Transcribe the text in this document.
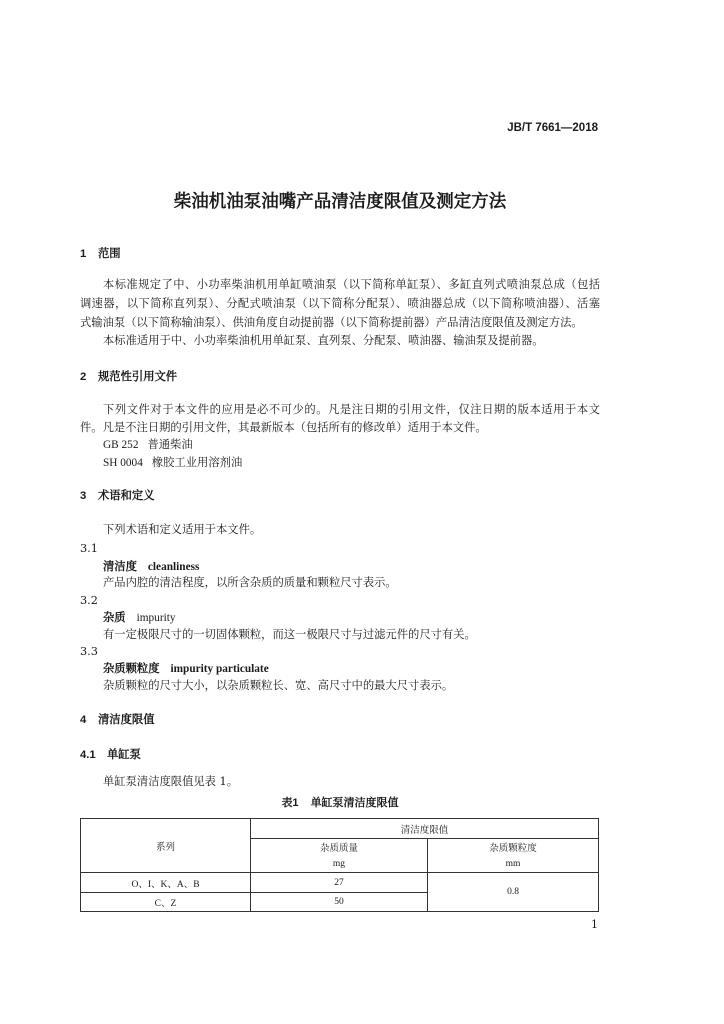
JB/T 7661—2018
柴油机油泵油嘴产品清洁度限值及测定方法
1 范围
本标准规定了中、小功率柴油机用单缸喷油泵（以下简称单缸泵）、多缸直列式喷油泵总成（包括
调速器，以下简称直列泵）、分配式喷油泵（以下简称分配泵）、喷油器总成（以下简称喷油器）、活塞
式输油泵（以下简称输油泵）、供油角度自动提前器（以下简称提前器）产品清洁度限值及测定方法。
本标准适用于中、小功率柴油机用单缸泵、直列泵、分配泵、喷油器、输油泵及提前器。
2 规范性引用文件
下列文件对于本文件的应用是必不可少的。凡是注日期的引用文件，仅注日期的版本适用于本文
件。凡是不注日期的引用文件，其最新版本（包括所有的修改单）适用于本文件。
GB 252 普通柴油
SH 0004 橡胶工业用溶剂油
3 术语和定义
下列术语和定义适用于本文件。
3.1
清洁度 cleanliness
产品内腔的清洁程度，以所含杂质的质量和颗粒尺寸表示。
3.2
杂质 impurity
有一定极限尺寸的一切固体颗粒，而这一极限尺寸与过滤元件的尺寸有关。
3.3
杂质颗粒度 impurity particulate
杂质颗粒的尺寸大小，以杂质颗粒长、宽、高尺寸中的最大尺寸表示。
4 清洁度限值
4.1 单缸泵
单缸泵清洁度限值见表 1。
表1 单缸泵清洁度限值
系列	清洁度限值	
	杂质质量	杂质颗粒度
	mg	mm
O、I、K、A、B	27	0.8
C、Z	50	
1
